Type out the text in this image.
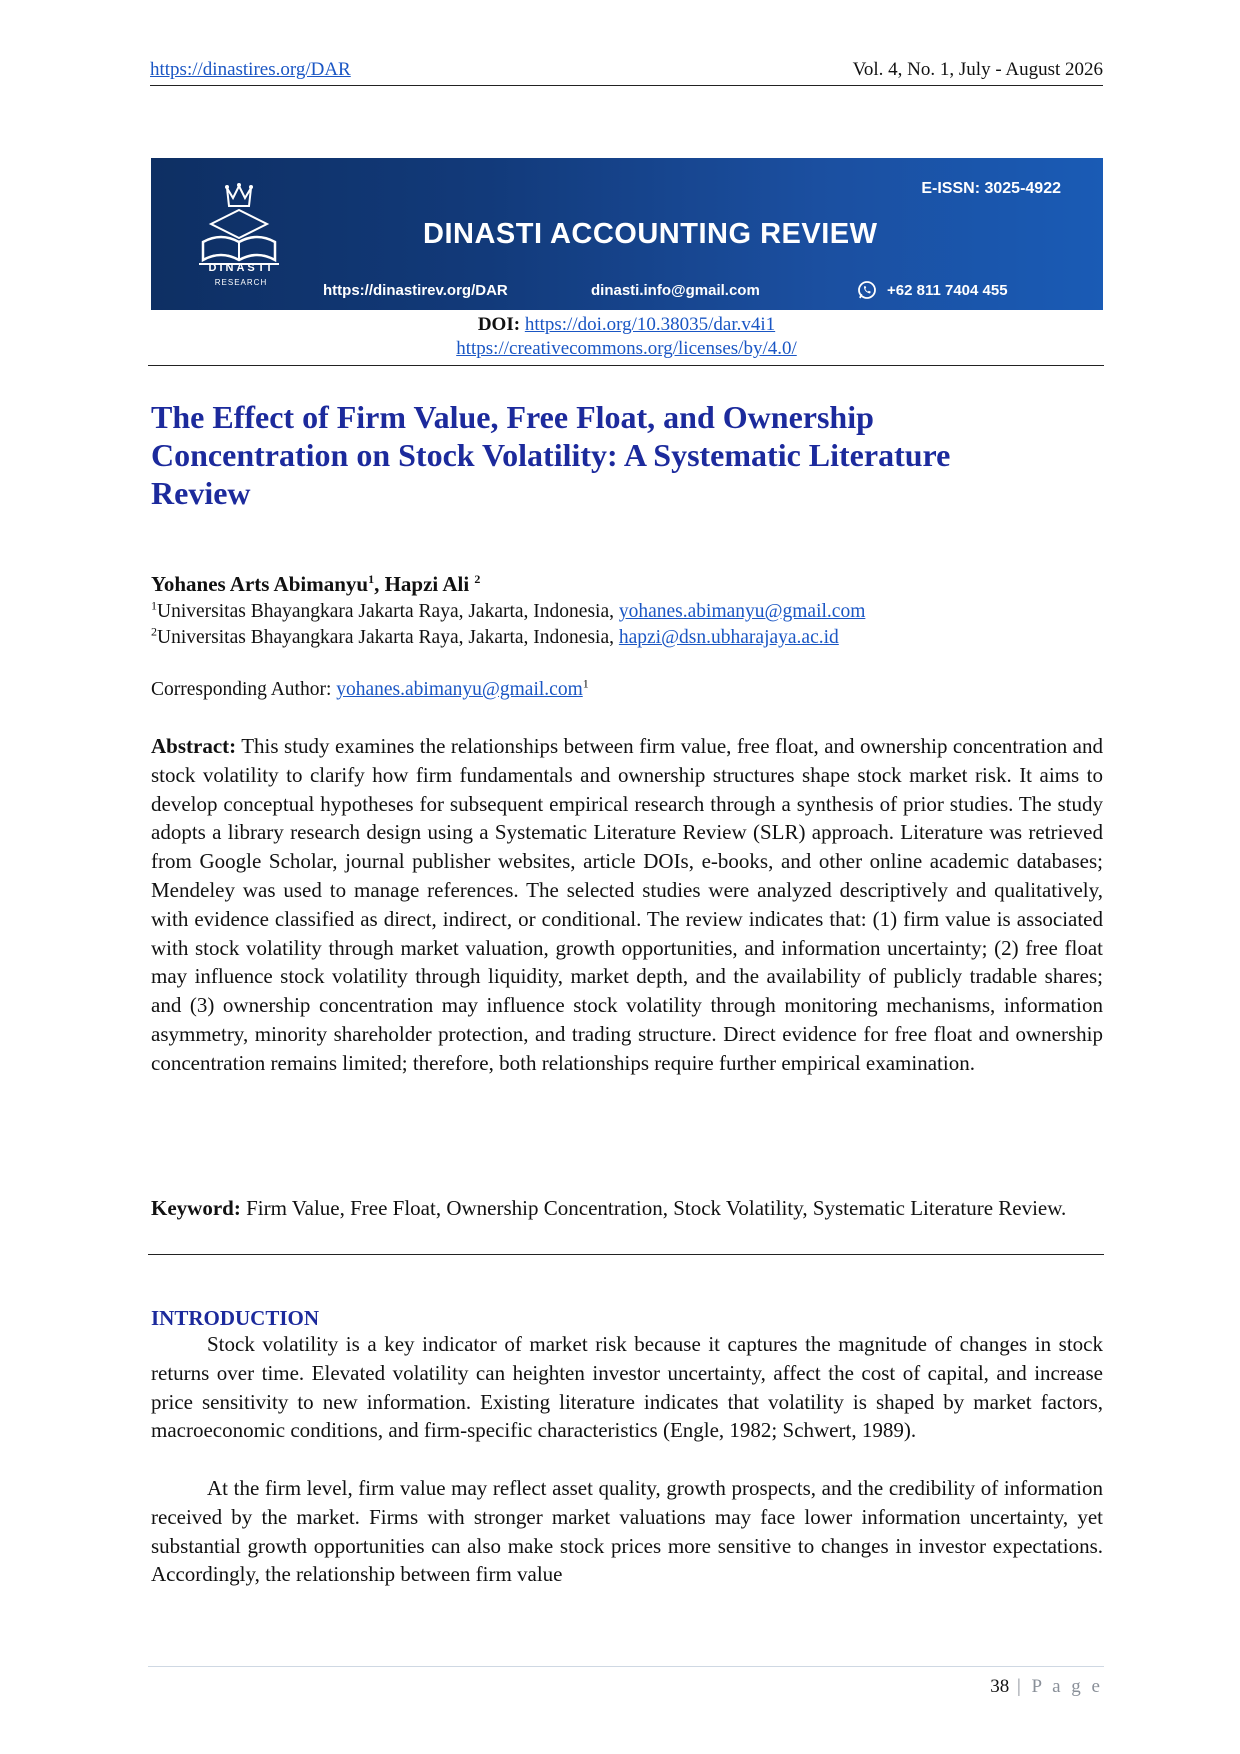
https://dinastires.org/DAR	Vol. 4, No. 1, July - August 2026
DINASTI
RESEARCH
E-ISSN: 3025-4922
DINASTI ACCOUNTING REVIEW
https://dinastirev.org/DAR	dinasti.info@gmail.com	+62 811 7404 455
DOI: https://doi.org/10.38035/dar.v4i1
https://creativecommons.org/licenses/by/4.0/
The Effect of Firm Value, Free Float, and Ownership Concentration on Stock Volatility: A Systematic Literature Review
Yohanes Arts Abimanyu$^1$, Hapzi Ali $^2$
$^1$Universitas Bhayangkara Jakarta Raya, Jakarta, Indonesia, yohanes.abimanyu@gmail.com
$^2$Universitas Bhayangkara Jakarta Raya, Jakarta, Indonesia, hapzi@dsn.ubharajaya.ac.id
Corresponding Author: yohanes.abimanyu@gmail.com$^1$

Abstract: This study examines the relationships between firm value, free float, and ownership concentration and stock volatility to clarify how firm fundamentals and ownership structures shape stock market risk. It aims to develop conceptual hypotheses for subsequent empirical research through a synthesis of prior studies. The study adopts a library research design using a Systematic Literature Review (SLR) approach. Literature was retrieved from Google Scholar, journal publisher websites, article DOIs, e-books, and other online academic databases; Mendeley was used to manage references. The selected studies were analyzed descriptively and qualitatively, with evidence classified as direct, indirect, or conditional. The review indicates that: (1) firm value is associated with stock volatility through market valuation, growth opportunities, and information uncertainty; (2) free float may influence stock volatility through liquidity, market depth, and the availability of publicly tradable shares; and (3) ownership concentration may influence stock volatility through monitoring mechanisms, information asymmetry, minority shareholder protection, and trading structure. Direct evidence for free float and ownership concentration remains limited; therefore, both relationships require further empirical examination.

Keyword: Firm Value, Free Float, Ownership Concentration, Stock Volatility, Systematic Literature Review.

INTRODUCTION

Stock volatility is a key indicator of market risk because it captures the magnitude of changes in stock returns over time. Elevated volatility can heighten investor uncertainty, affect the cost of capital, and increase price sensitivity to new information. Existing literature indicates that volatility is shaped by market factors, macroeconomic conditions, and firm-specific characteristics (Engle, 1982; Schwert, 1989).

At the firm level, firm value may reflect asset quality, growth prospects, and the credibility of information received by the market. Firms with stronger market valuations may face lower information uncertainty, yet substantial growth opportunities can also make stock prices more sensitive to changes in investor expectations. Accordingly, the relationship between firm value

38 | P a g e
